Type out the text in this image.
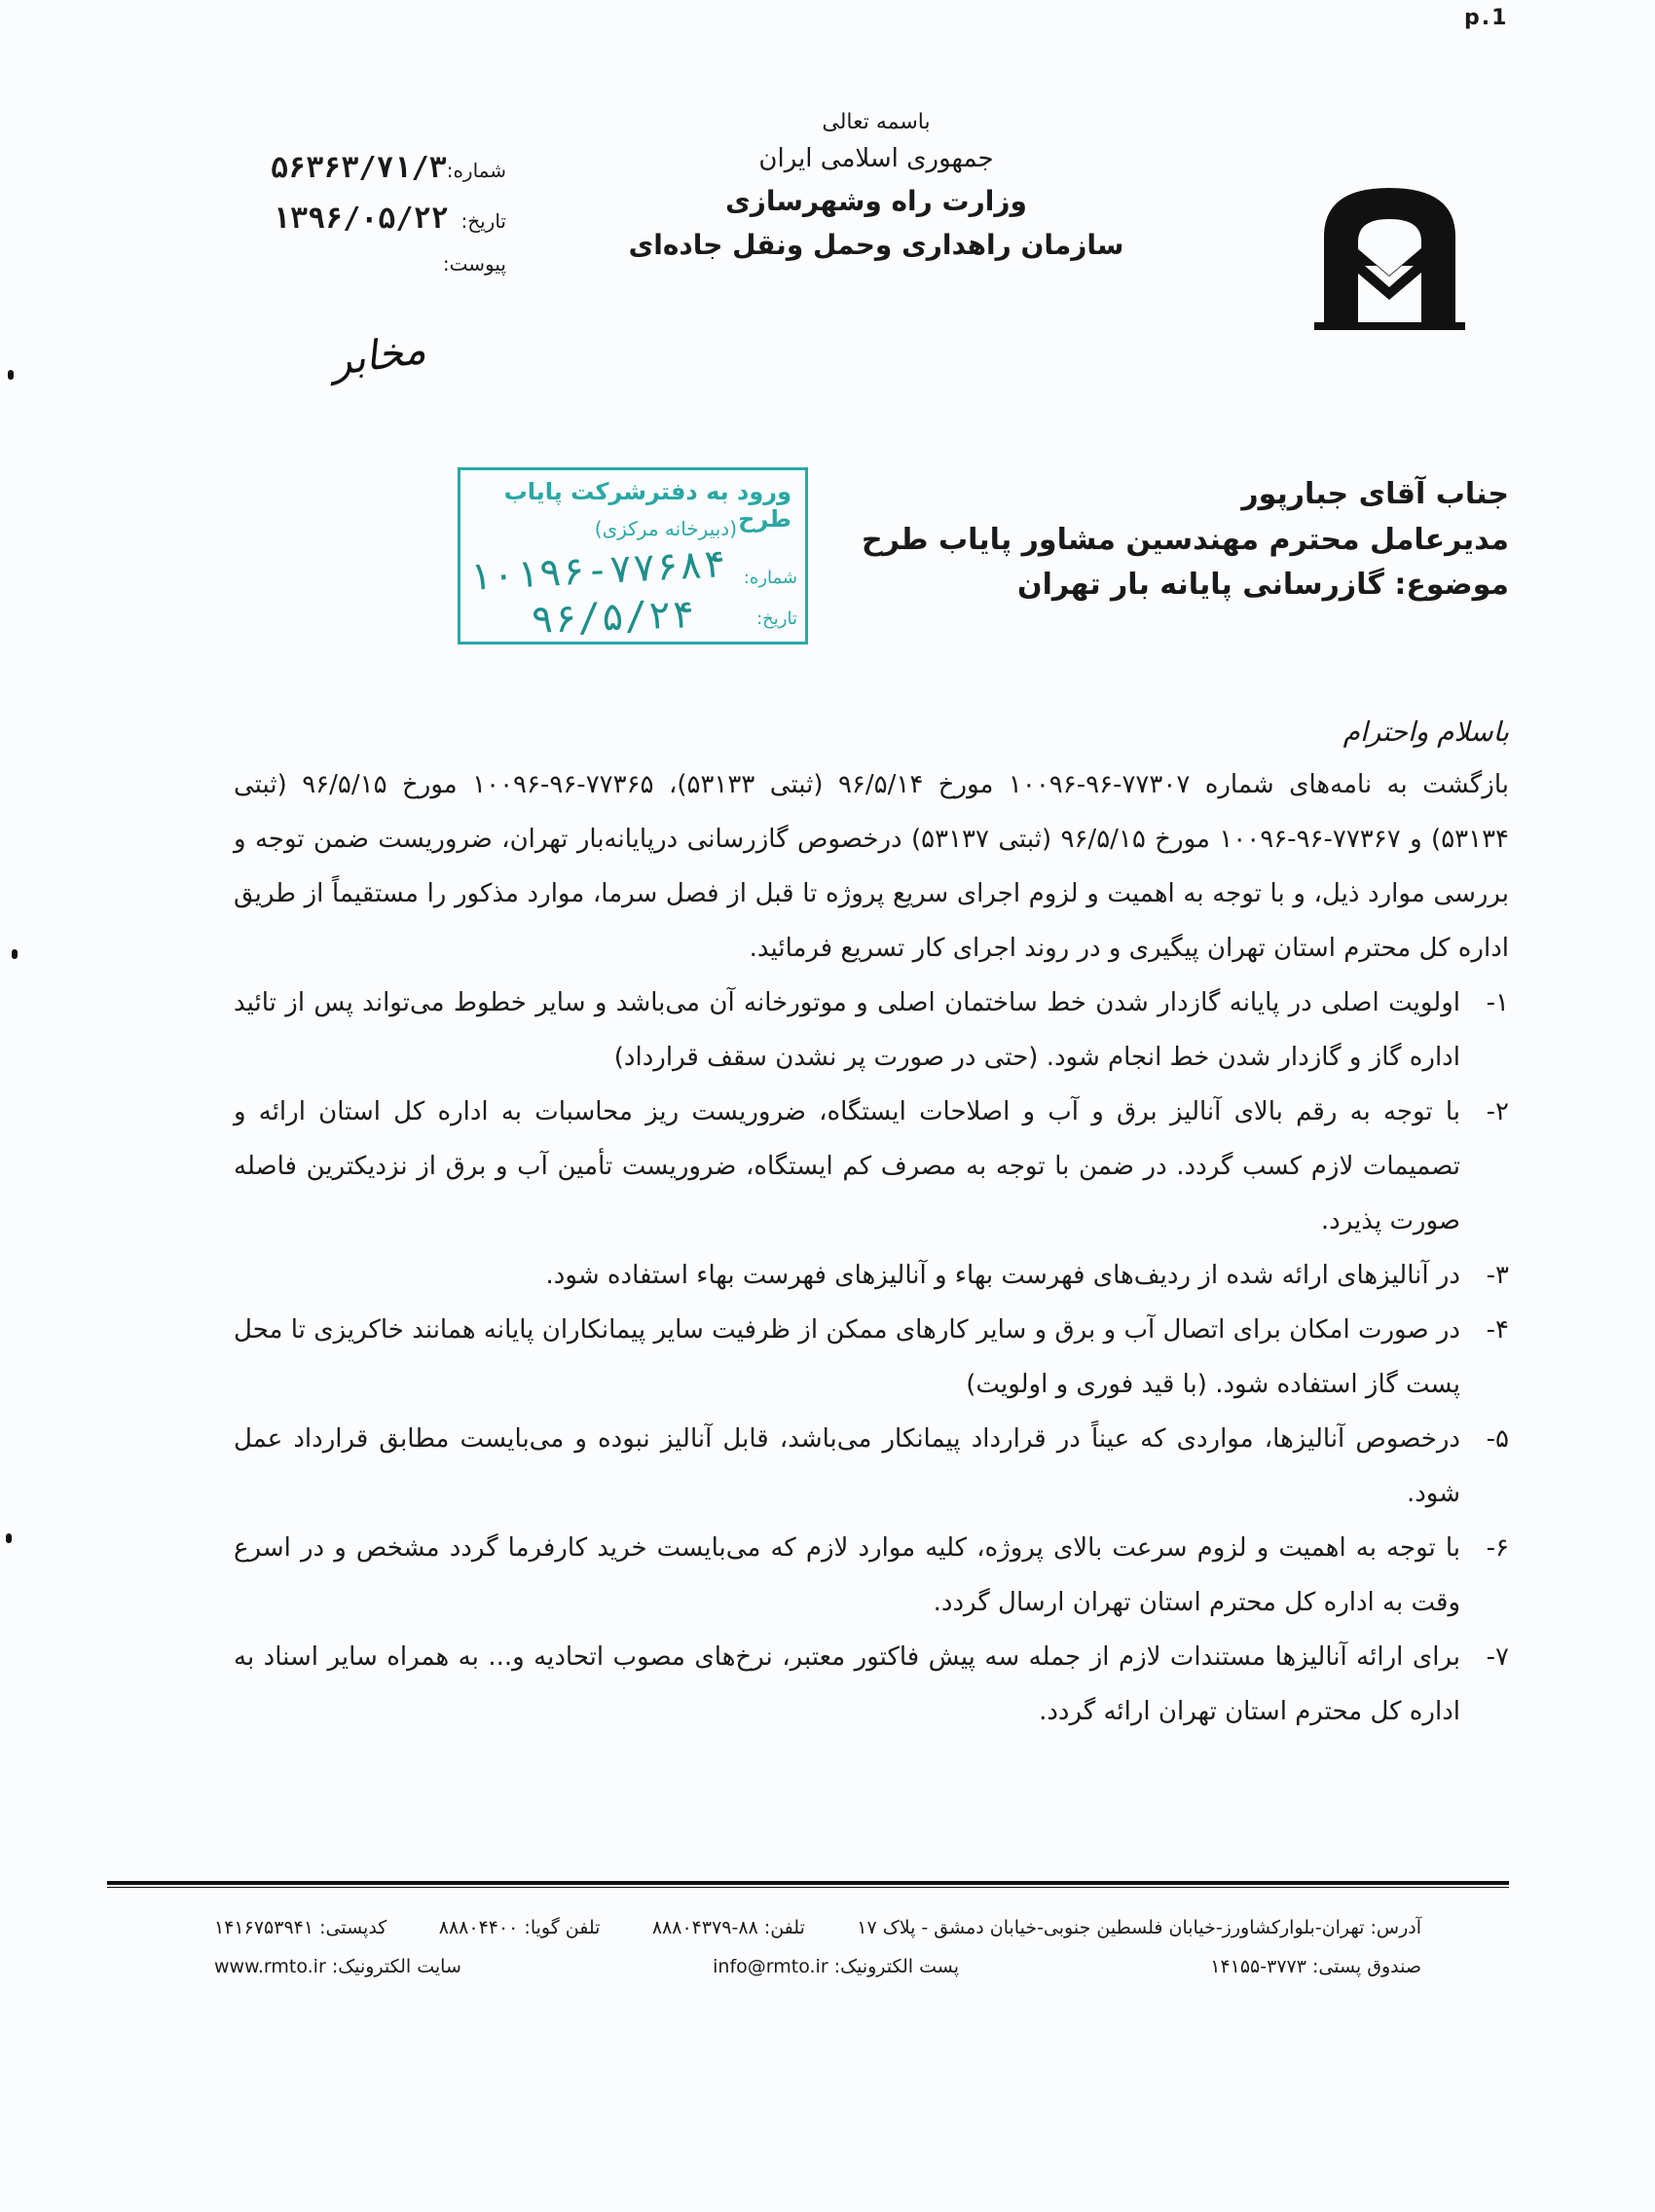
p.1
شماره:
۵۶۳۶۳/۷۱/۳
تاریخ:
۱۳۹۶/۰۵/۲۲
پیوست:
باسمه تعالی
جمهوری اسلامی ایران
وزارت راه وشهرسازی
سازمان راهداری وحمل ونقل جاده‌ای
مخابر
ورود به دفترشرکت پایاب طرح
(دبیرخانه مرکزی)
شماره:
تاریخ:
۱۰۱۹۶-۷۷۶۸۴
۹۶/۵/۲۴
جناب آقای جبارپور
مدیرعامل محترم مهندسین مشاور پایاب طرح
موضوع: گازرسانی پایانه بار تهران
باسلام واحترام

بازگشت به نامه‌های شماره ۷۷۳۰۷-۹۶-۱۰۰۹۶ مورخ ۹۶/۵/۱۴ (ثبتی ۵۳۱۳۳)، ۷۷۳۶۵-۹۶-۱۰۰۹۶ مورخ ۹۶/۵/۱۵ (ثبتی ۵۳۱۳۴) و ۷۷۳۶۷-۹۶-۱۰۰۹۶ مورخ ۹۶/۵/۱۵ (ثبتی ۵۳۱۳۷) درخصوص گازرسانی درپایانه‌بار تهران، ضروریست ضمن توجه و بررسی موارد ذیل، و با توجه به اهمیت و لزوم اجرای سریع پروژه تا قبل از فصل سرما، موارد مذکور را مستقیماً از طریق اداره کل محترم استان تهران پیگیری و در روند اجرای کار تسریع فرمائید.

۱-
اولویت اصلی در پایانه گازدار شدن خط ساختمان اصلی و موتورخانه آن می‌باشد و سایر خطوط می‌تواند پس از تائید اداره گاز و گازدار شدن خط انجام شود. (حتی در صورت پر نشدن سقف قرارداد)
۲-
با توجه به رقم بالای آنالیز برق و آب و اصلاحات ایستگاه، ضروریست ریز محاسبات به اداره کل استان ارائه و تصمیمات لازم کسب گردد. در ضمن با توجه به مصرف کم ایستگاه، ضروریست تأمین آب و برق از نزدیکترین فاصله صورت پذیرد.
۳-
در آنالیزهای ارائه شده از ردیف‌های فهرست بهاء و آنالیزهای فهرست بهاء استفاده شود.
۴-
در صورت امکان برای اتصال آب و برق و سایر کارهای ممکن از ظرفیت سایر پیمانکاران پایانه همانند خاکریزی تا محل پست گاز استفاده شود. (با قید فوری و اولویت)
۵-
درخصوص آنالیزها، مواردی که عیناً در قرارداد پیمانکار می‌باشد، قابل آنالیز نبوده و می‌بایست مطابق قرارداد عمل شود.
۶-
با توجه به اهمیت و لزوم سرعت بالای پروژه، کلیه موارد لازم که می‌بایست خرید کارفرما گردد مشخص و در اسرع وقت به اداره کل محترم استان تهران ارسال گردد.
۷-
برای ارائه آنالیزها مستندات لازم از جمله سه پیش فاکتور معتبر، نرخ‌های مصوب اتحادیه و... به همراه سایر اسناد به اداره کل محترم استان تهران ارائه گردد.
آدرس: تهران-بلوارکشاورز-خیابان فلسطین جنوبی-خیابان دمشق - پلاک ۱۷
تلفن: ۸۸-۸۸۸۰۴۳۷۹
تلفن گویا: ۸۸۸۰۴۴۰۰
کدپستی: ۱۴۱۶۷۵۳۹۴۱
صندوق پستی: ۳۷۷۳-۱۴۱۵۵
پست الکترونیک: info@rmto.ir
سایت الکترونیک: www.rmto.ir
